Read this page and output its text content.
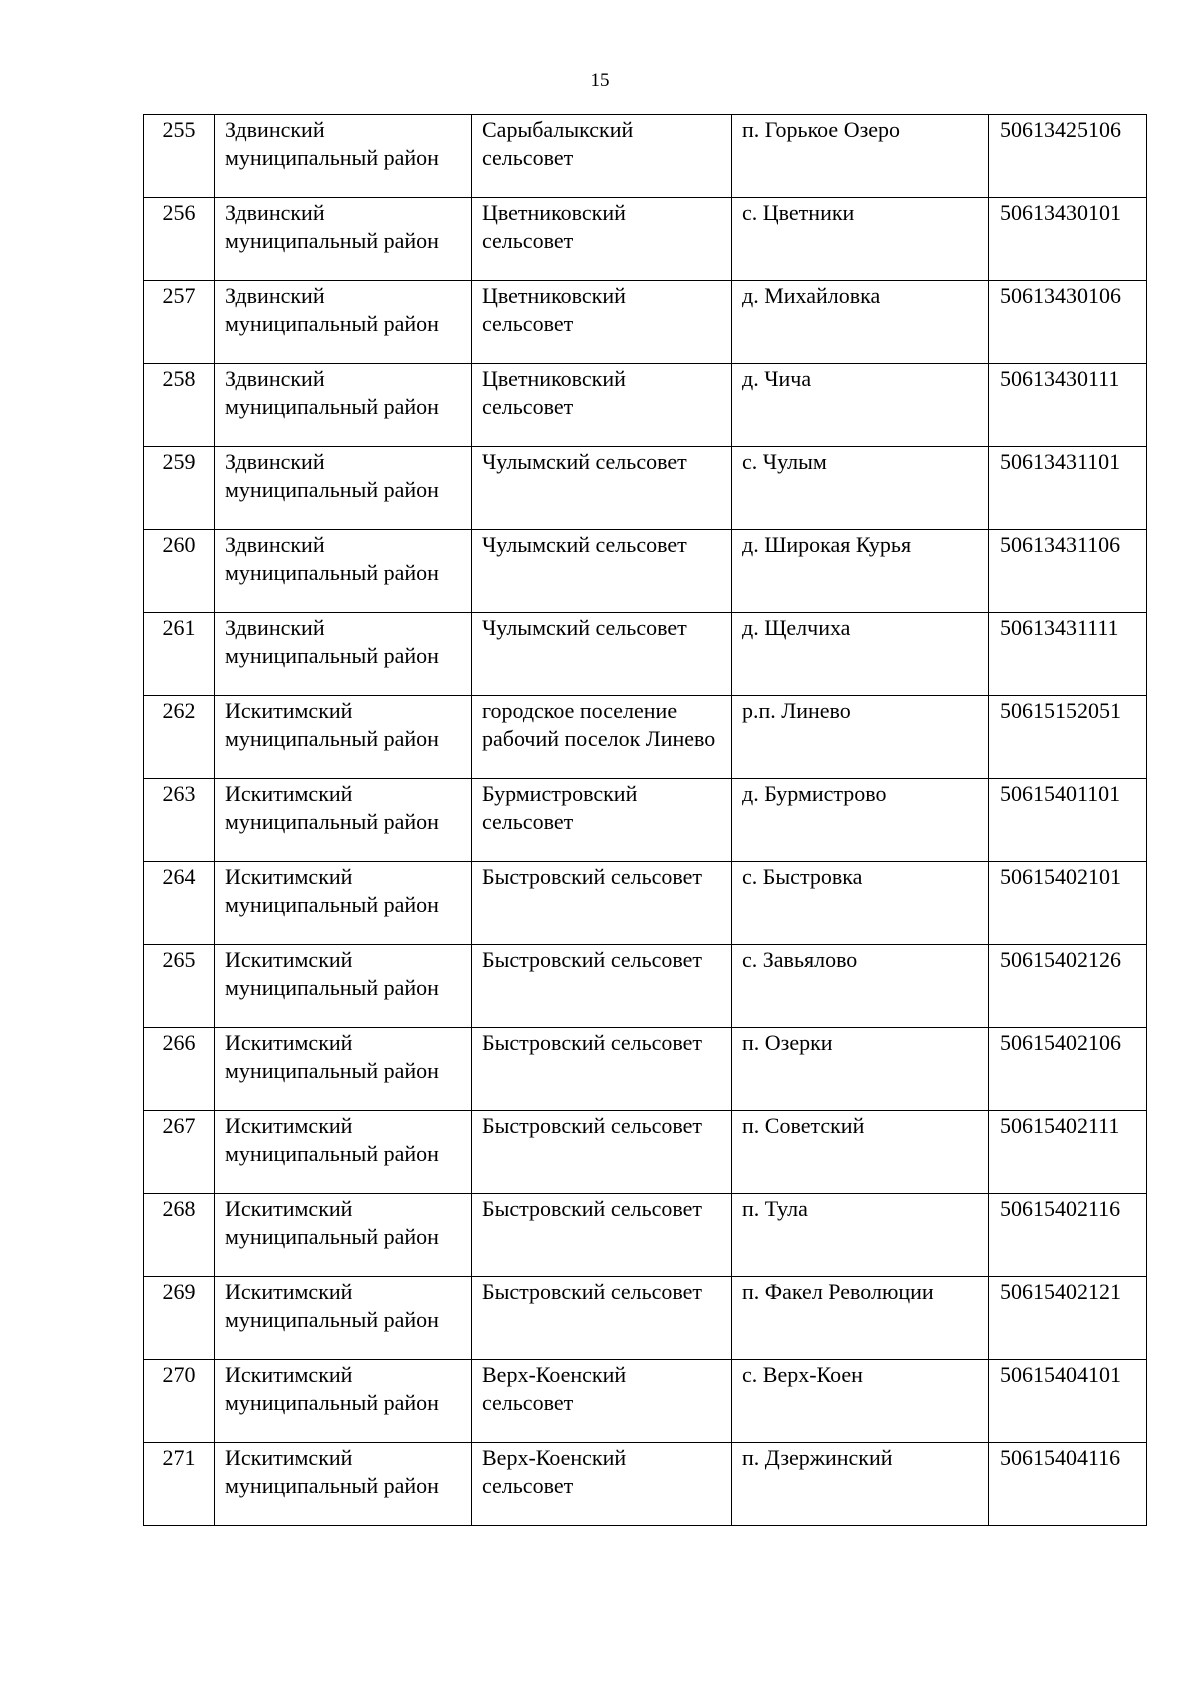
15
255	Здвинский муниципальный район	Сарыбалыкский сельсовет	п. Горькое Озеро	50613425106
256	Здвинский муниципальный район	Цветниковский сельсовет	с. Цветники	50613430101
257	Здвинский муниципальный район	Цветниковский сельсовет	д. Михайловка	50613430106
258	Здвинский муниципальный район	Цветниковский сельсовет	д. Чича	50613430111
259	Здвинский муниципальный район	Чулымский сельсовет	с. Чулым	50613431101
260	Здвинский муниципальный район	Чулымский сельсовет	д. Широкая Курья	50613431106
261	Здвинский муниципальный район	Чулымский сельсовет	д. Щелчиха	50613431111
262	Искитимский муниципальный район	городское поселение рабочий поселок Линево	р.п. Линево	50615152051
263	Искитимский муниципальный район	Бурмистровский сельсовет	д. Бурмистрово	50615401101
264	Искитимский муниципальный район	Быстровский сельсовет	с. Быстровка	50615402101
265	Искитимский муниципальный район	Быстровский сельсовет	с. Завьялово	50615402126
266	Искитимский муниципальный район	Быстровский сельсовет	п. Озерки	50615402106
267	Искитимский муниципальный район	Быстровский сельсовет	п. Советский	50615402111
268	Искитимский муниципальный район	Быстровский сельсовет	п. Тула	50615402116
269	Искитимский муниципальный район	Быстровский сельсовет	п. Факел Революции	50615402121
270	Искитимский муниципальный район	Верх-Коенский сельсовет	с. Верх-Коен	50615404101
271	Искитимский муниципальный район	Верх-Коенский сельсовет	п. Дзержинский	50615404116
